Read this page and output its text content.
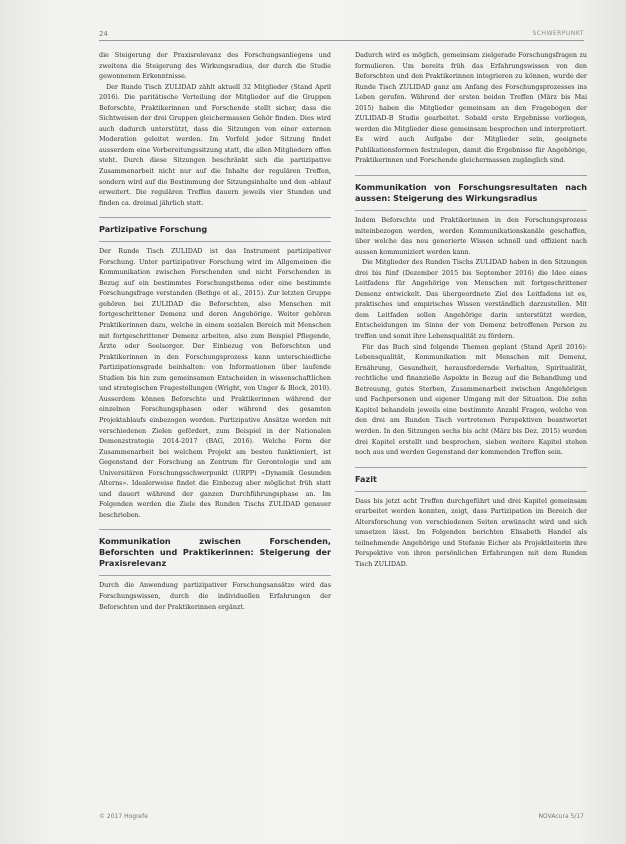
24	SCHWERPUNKT

die Steigerung der Praxisrelevanz des Forschungsanliegens und zweitens die Steigerung des Wirkungsradius, der durch die Studie gewonnenen Erkenntnisse.

Der Runde Tisch ZULIDAD zählt aktuell 32 Mitglieder (Stand April 2016). Die paritätische Verteilung der Mitglieder auf die Gruppen Beforschte, Praktikerinnen und Forschende stellt sicher, dass die Sichtweisen der drei Gruppen gleichermassen Gehör finden. Dies wird auch dadurch unterstützt, dass die Sitzungen von einer externen Moderation geleitet werden. Im Vorfeld jeder Sitzung findet ausserdem eine Vorbereitungssitzung statt, die allen Mitgliedern offen steht. Durch diese Sitzungen beschränkt sich die partizipative Zusammenarbeit nicht nur auf die Inhalte der regulären Treffen, sondern wird auf die Bestimmung der Sitzungsinhalte und den -ablauf erweitert. Die regulären Treffen dauern jeweils vier Stunden und finden ca. dreimal jährlich statt.

Partizipative Forschung

Der Runde Tisch ZULIDAD ist das Instrument partizipativer Forschung. Unter partizipativer Forschung wird im Allgemeinen die Kommunikation zwischen Forschenden und nicht Forschenden in Bezug auf ein bestimmtes Forschungsthema oder eine bestimmte Forschungsfrage verstanden (Bethge et al., 2015). Zur letzten Gruppe gehören bei ZULIDAD die Beforschten, also Menschen mit fortgeschrittener Demenz und deren Angehörige. Weiter gehören Praktikerinnen dazu, welche in einem sozialen Bereich mit Menschen mit fortgeschrittener Demenz arbeiten, also zum Beispiel Pflegende, Ärzte oder Seelsorger. Der Einbezug von Beforschten und Praktikerinnen in den Forschungsprozess kann unterschiedliche Partizipationsgrade beinhalten: von Informationen über laufende Studien bis hin zum gemeinsamen Entscheiden in wissenschaftlichen und strategischen Fragestellungen (Wright, von Unger & Block, 2010). Ausserdem können Beforschte und Praktikerinnen während der einzelnen Forschungsphasen oder während des gesamten Projektablaufs einbezogen werden. Partizipative Ansätze werden mit verschiedenen Zielen gefördert, zum Beispiel in der Nationalen Demenzstrategie 2014-2017 (BAG, 2016). Welche Form der Zusammenarbeit bei welchem Projekt am besten funktioniert, ist Gegenstand der Forschung an Zentrum für Gerontologie und am Universitären Forschungsschwerpunkt (URPP) «Dynamik Gesunden Alterns». Idealerweise findet die Einbezug aber möglichst früh statt und dauert während der ganzen Durchführungsphase an. Im Folgenden werden die Ziele des Runden Tischs ZULIDAD genauer beschrieben.

Kommunikation zwischen Forschenden, Beforschten und Praktikerinnen: Steigerung der Praxisrelevanz

Durch die Anwendung partizipativer Forschungsansätze wird das Forschungswissen, durch die individuellen Erfahrungen der Beforschten und der Praktikerinnen ergänzt.

Dadurch wird es möglich, gemeinsam zielgerade Forschungsfragen zu formulieren. Um bereits früh das Erfahrungswissen von den Beforschten und den Praktikerinnen integrieren zu können, wurde der Runde Tisch ZULIDAD ganz am Anfang des Forschungsprozesses ins Leben gerufen. Während der ersten beiden Treffen (März bis Mai 2015) haben die Mitglieder gemeinsam an den Fragebogen der ZULIDAD-B Studie gearbeitet. Sobald erste Ergebnisse vorliegen, werden die Mitglieder diese gemeinsam besprochen und interpretiert. Es wird auch Aufgabe der Mitglieder sein, geeignete Publikationsformen festzulegen, damit die Ergebnisse für Angehörige, Praktikerinnen und Forschende gleichermassen zugänglich sind.

Kommunikation von Forschungsresultaten nach aussen: Steigerung des Wirkungsradius

Indem Beforschte und Praktikerinnen in den Forschungsprozess miteinbezogen werden, werden Kommunikationskanäle geschaffen, über welche das neu generierte Wissen schnell und effizient nach aussen kommuniziert werden kann.

Die Mitglieder des Runden Tischs ZULIDAD haben in den Sitzungen drei bis fünf (Dezember 2015 bis September 2016) die Idee eines Leitfadens für Angehörige von Menschen mit fortgeschrittener Demenz entwickelt. Das übergeordnete Ziel des Leitfadens ist es, praktisches und empirisches Wissen verständlich darzustellen. Mit dem Leitfaden sollen Angehörige darin unterstützt werden, Entscheidungen im Sinne der von Demenz betroffenen Person zu treffen und somit ihre Lebensqualität zu fördern.

Für das Buch sind folgende Themen geplant (Stand April 2016): Lebensqualität, Kommunikation mit Menschen mit Demenz, Ernährung, Gesundheit, herausfordernde Verhalten, Spiritualität, rechtliche und finanzielle Aspekte in Bezug auf die Behandlung und Betreuung, gutes Sterben, Zusammenarbeit zwischen Angehörigen und Fachpersonen und eigener Umgang mit der Situation. Die zehn Kapitel behandeln jeweils eine bestimmte Anzahl Fragen, welche von den drei am Runden Tisch vertretenen Perspektiven beantwortet werden. In den Sitzungen sechs bis acht (März bis Dez. 2015) wurden drei Kapitel erstellt und besprochen, sieben weitere Kapitel stehen noch aus und werden Gegenstand der kommenden Treffen sein.

Fazit

Dass bis jetzt acht Treffen durchgeführt und drei Kapitel gemeinsam erarbeitet werden konnten, zeigt, dass Partizipation im Bereich der Altersforschung von verschiedenen Seiten erwünscht wird und sich umsetzen lässt. Im Folgenden berichten Elisabeth Handel als teilnehmende Angehörige und Stefanie Eicher als Projektleiterin ihre Perspektive von ihren persönlichen Erfahrungen mit dem Runden Tisch ZULIDAD.

© 2017 Hogrefe	NOVAcura 5/17
